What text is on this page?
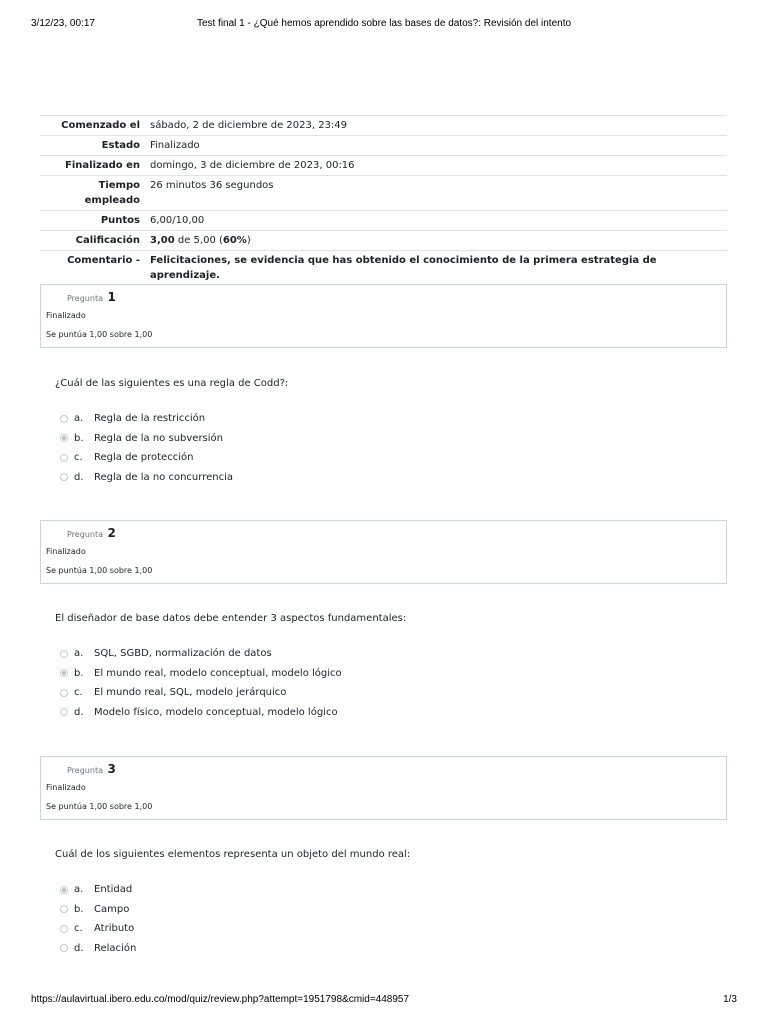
3/12/23, 00:17	Test final 1 - ¿Qué hemos aprendido sobre las bases de datos?: Revisión del intento
Comenzado el	sábado, 2 de diciembre de 2023, 23:49
Estado	Finalizado
Finalizado en	domingo, 3 de diciembre de 2023, 00:16
Tiempo
empleado	26 minutos 36 segundos
Puntos	6,00/10,00
Calificación	3,00 de 5,00 (60%)
Comentario -	Felicitaciones, se evidencia que has obtenido el conocimiento de la primera estrategia de aprendizaje.
Pregunta 1
Finalizado
Se puntúa 1,00 sobre 1,00
¿Cuál de las siguientes es una regla de Codd?:
a.	Regla de la restricción
b.	Regla de la no subversión
c.	Regla de protección
d.	Regla de la no concurrencia
Pregunta 2
Finalizado
Se puntúa 1,00 sobre 1,00
El diseñador de base datos debe entender 3 aspectos fundamentales:
a.	SQL, SGBD, normalización de datos
b.	El mundo real, modelo conceptual, modelo lógico
c.	El mundo real, SQL, modelo jerárquico
d.	Modelo físico, modelo conceptual, modelo lógico
Pregunta 3
Finalizado
Se puntúa 1,00 sobre 1,00
Cuál de los siguientes elementos representa un objeto del mundo real:
a.	Entidad
b.	Campo
c.	Atributo
d.	Relación
https://aulavirtual.ibero.edu.co/mod/quiz/review.php?attempt=1951798&cmid=448957	1/3
